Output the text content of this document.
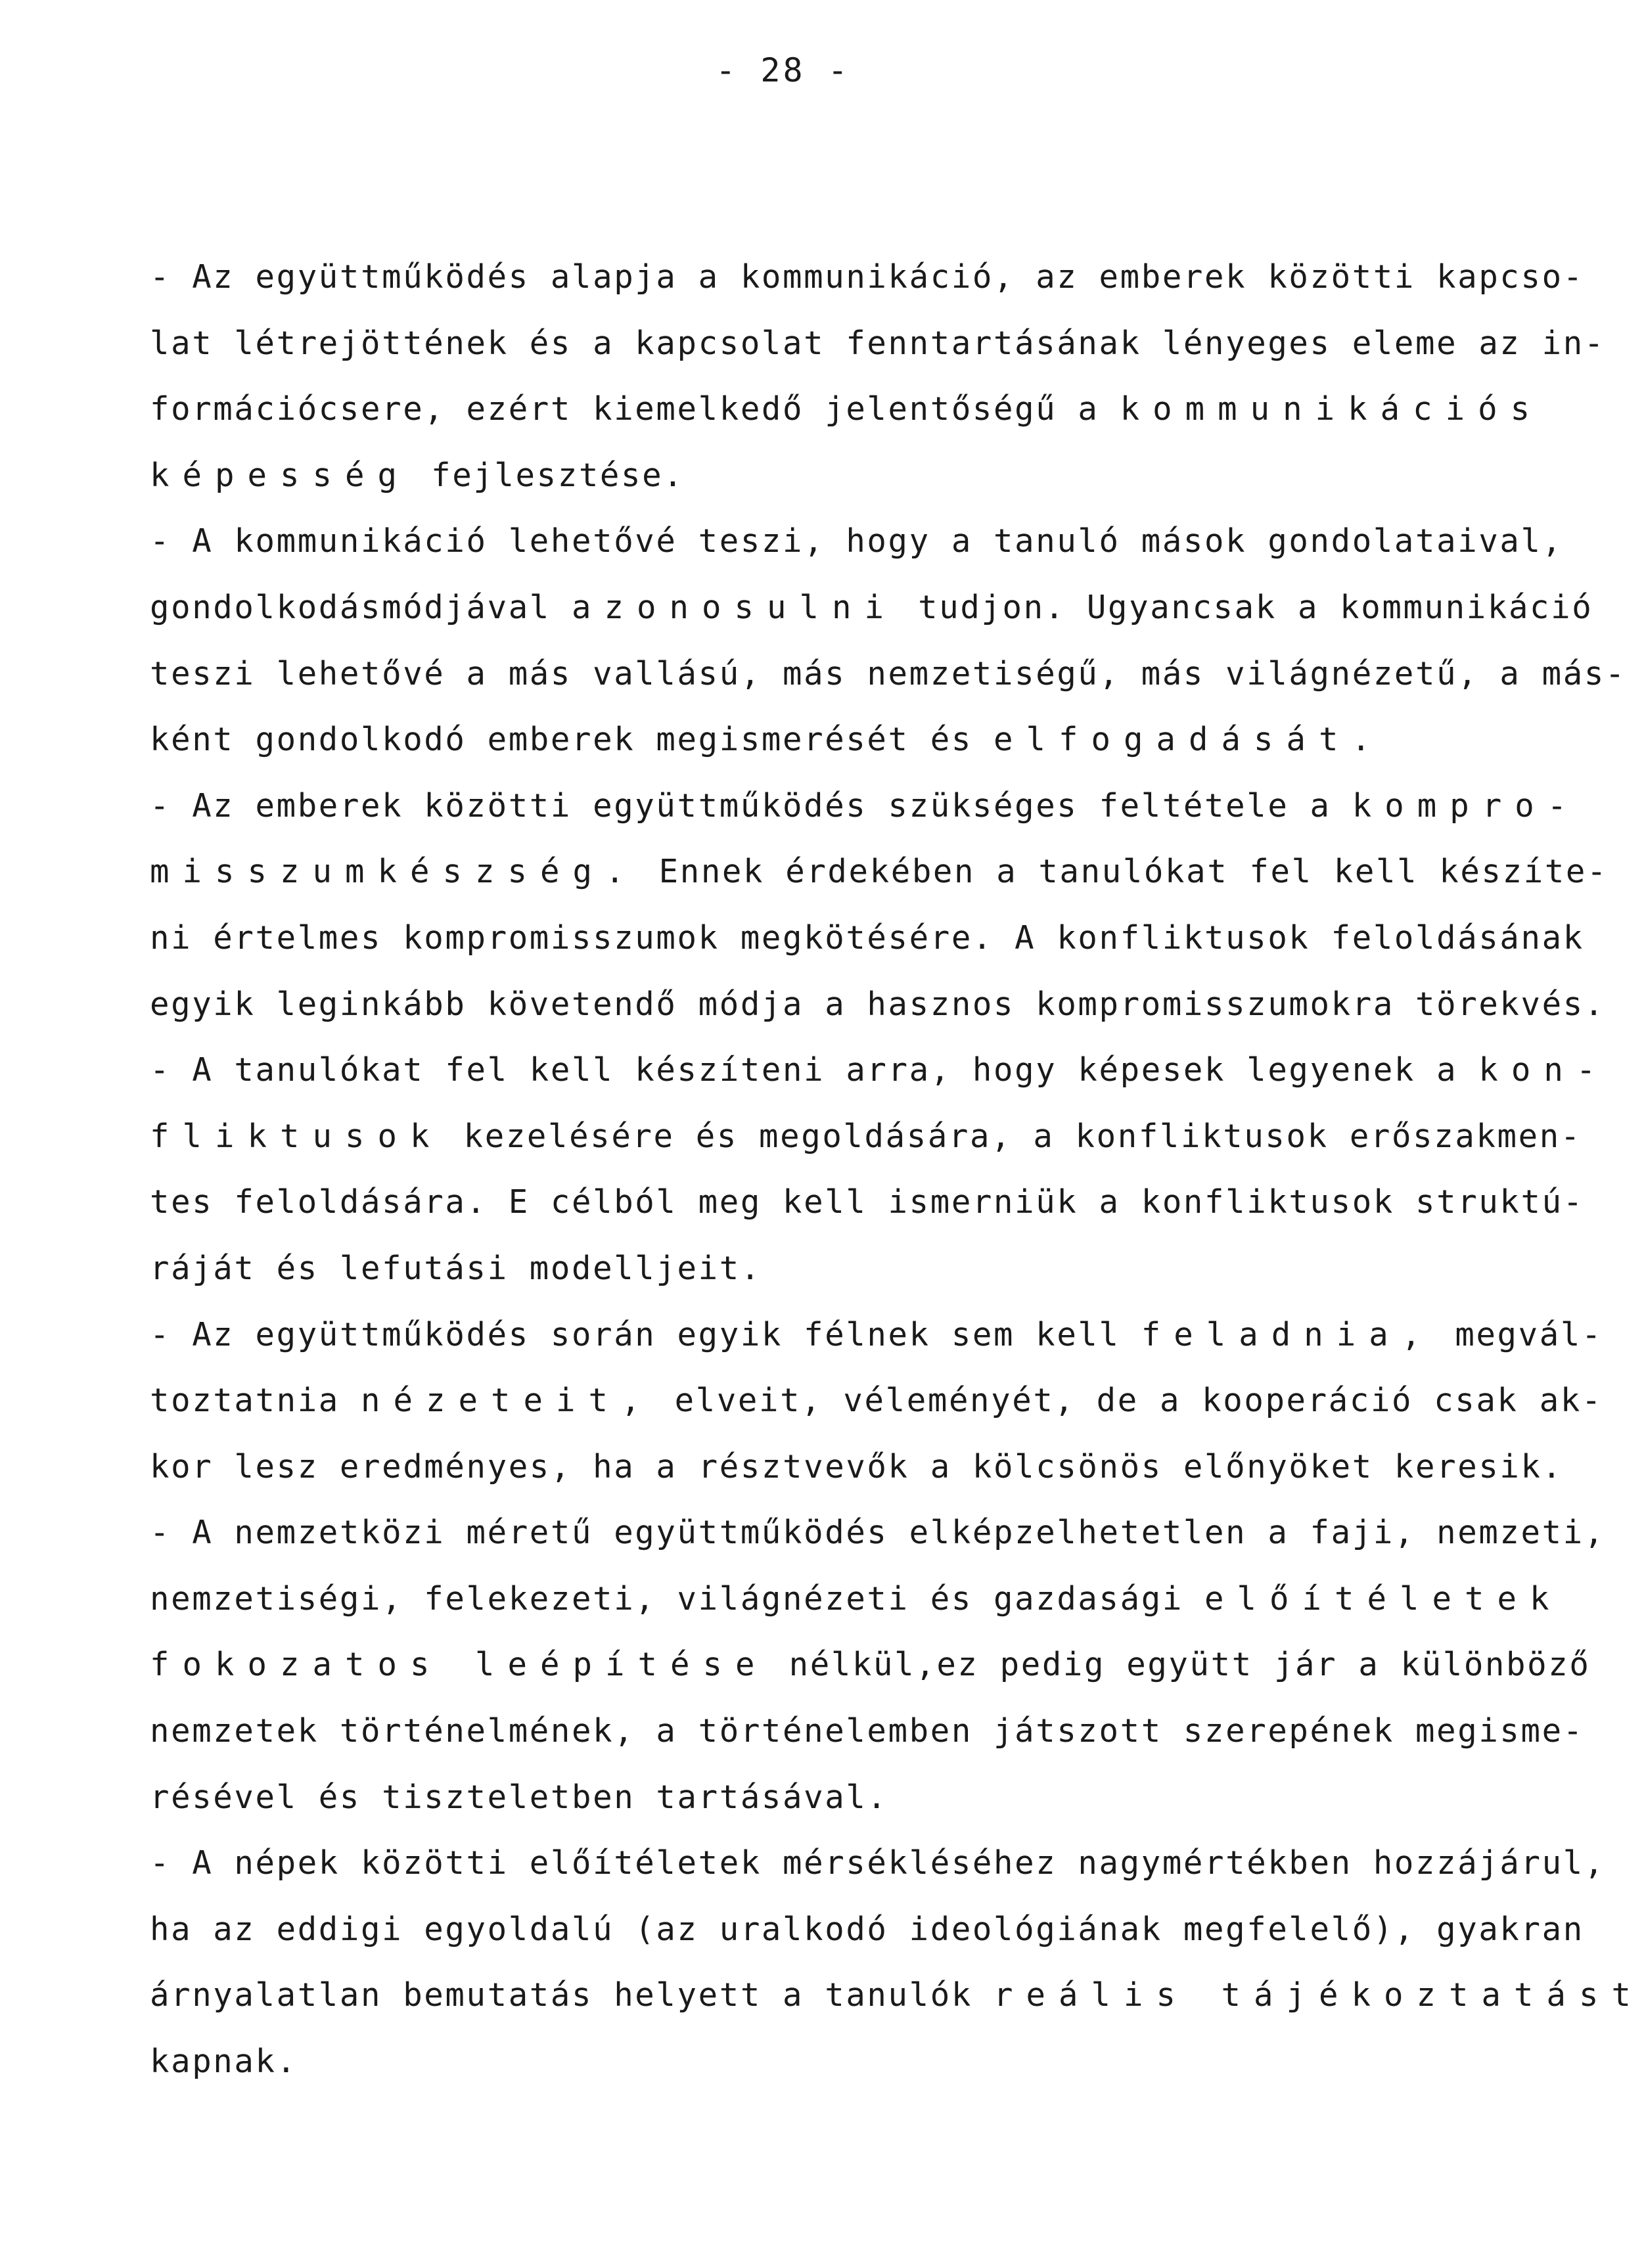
- 28 -
- Az együttműködés alapja a kommunikáció, az emberek közötti kapcso-
lat létrejöttének és a kapcsolat fenntartásának lényeges eleme az in-
formációcsere, ezért kiemelkedő jelentőségű a kommunikációs
képesség fejlesztése.
- A kommunikáció lehetővé teszi, hogy a tanuló mások gondolataival,
gondolkodásmódjával azonosulni tudjon. Ugyancsak a kommunikáció
teszi lehetővé a más vallású, más nemzetiségű, más világnézetű, a más-
ként gondolkodó emberek megismerését és elfogadását.
- Az emberek közötti együttműködés szükséges feltétele a kompro-
misszumkészség. Ennek érdekében a tanulókat fel kell készíte-
ni értelmes kompromisszumok megkötésére. A konfliktusok feloldásának
egyik leginkább követendő módja a hasznos kompromisszumokra törekvés.
- A tanulókat fel kell készíteni arra, hogy képesek legyenek a kon-
fliktusok kezelésére és megoldására, a konfliktusok erőszakmen-
tes feloldására. E célból meg kell ismerniük a konfliktusok struktú-
ráját és lefutási modelljeit.
- Az együttműködés során egyik félnek sem kell feladnia, megvál-
toztatnia nézeteit, elveit, véleményét, de a kooperáció csak ak-
kor lesz eredményes, ha a résztvevők a kölcsönös előnyöket keresik.
- A nemzetközi méretű együttműködés elképzelhetetlen a faji, nemzeti,
nemzetiségi, felekezeti, világnézeti és gazdasági előítéletek
fokozatos leépítése nélkül,ez pedig együtt jár a különböző
nemzetek történelmének, a történelemben játszott szerepének megisme-
résével és tiszteletben tartásával.
- A népek közötti előítéletek mérsékléséhez nagymértékben hozzájárul,
ha az eddigi egyoldalú (az uralkodó ideológiának megfelelő), gyakran
árnyalatlan bemutatás helyett a tanulók reális tájékoztatást
kapnak.
